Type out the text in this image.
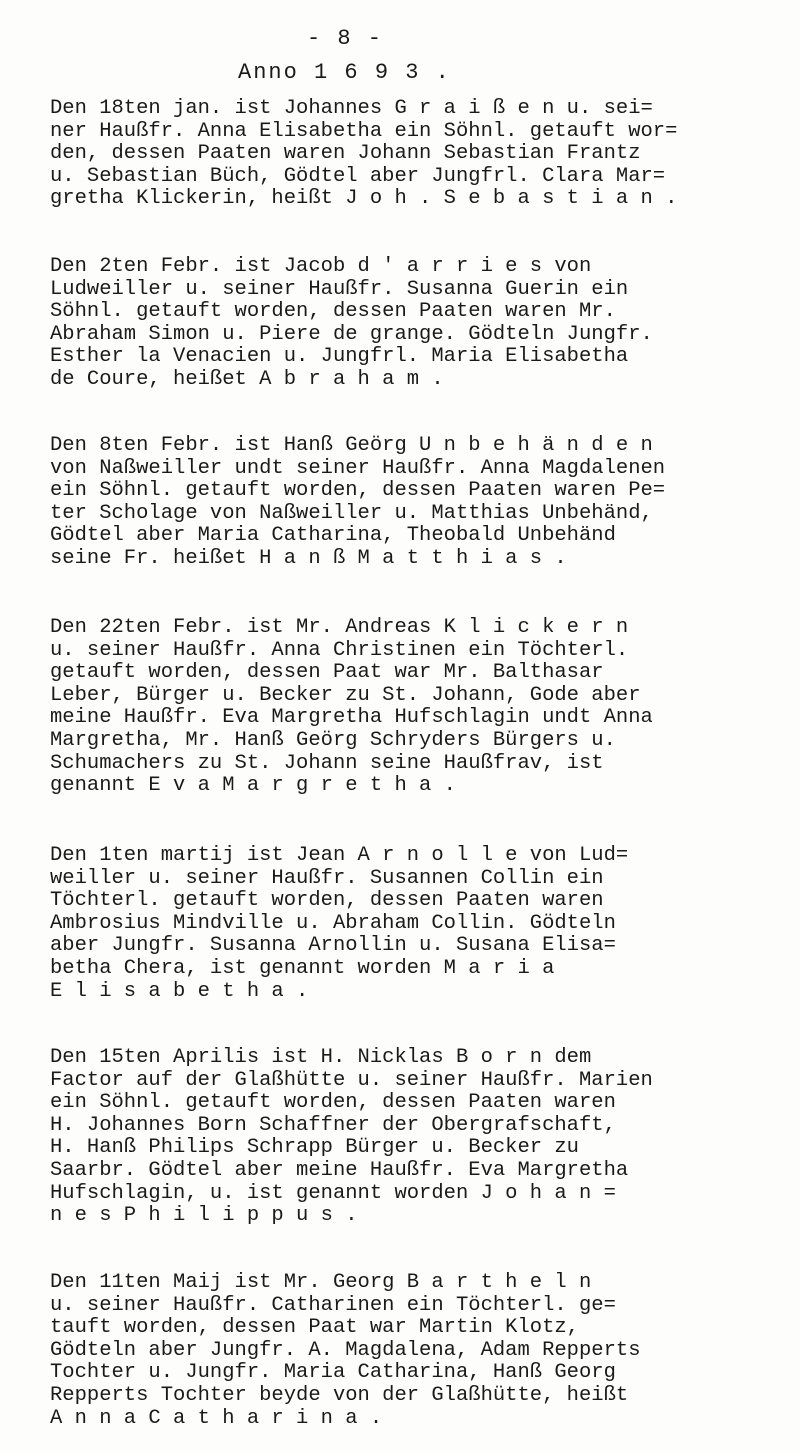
- 8 -
Anno 1 6 9 3 .
Den 18ten jan. ist Johannes G r a i ß e n u. sei=
ner Haußfr. Anna Elisabetha ein Söhnl. getauft wor=
den, dessen Paaten waren Johann Sebastian Frantz
u. Sebastian Büch, Gödtel aber Jungfrl. Clara Mar=
gretha Klickerin, heißt J o h . S e b a s t i a n .
Den 2ten Febr. ist Jacob d ' a r r i e s von
Ludweiller u. seiner Haußfr. Susanna Guerin ein
Söhnl. getauft worden, dessen Paaten waren Mr.
Abraham Simon u. Piere de grange. Gödteln Jungfr.
Esther la Venacien u. Jungfrl. Maria Elisabetha
de Coure, heißet A b r a h a m .
Den 8ten Febr. ist Hanß Geörg U n b e h ä n d e n
von Naßweiller undt seiner Haußfr. Anna Magdalenen
ein Söhnl. getauft worden, dessen Paaten waren Pe=
ter Scholage von Naßweiller u. Matthias Unbehänd,
Gödtel aber Maria Catharina, Theobald Unbehänd
seine Fr. heißet H a n ß M a t t h i a s .
Den 22ten Febr. ist Mr. Andreas K l i c k e r n
u. seiner Haußfr. Anna Christinen ein Töchterl.
getauft worden, dessen Paat war Mr. Balthasar
Leber, Bürger u. Becker zu St. Johann, Gode aber
meine Haußfr. Eva Margretha Hufschlagin undt Anna
Margretha, Mr. Hanß Geörg Schryders Bürgers u.
Schumachers zu St. Johann seine Haußfrav, ist
genannt E v a M a r g r e t h a .
Den 1ten martij ist Jean A r n o l l e von Lud=
weiller u. seiner Haußfr. Susannen Collin ein
Töchterl. getauft worden, dessen Paaten waren
Ambrosius Mindville u. Abraham Collin. Gödteln
aber Jungfr. Susanna Arnollin u. Susana Elisa=
betha Chera, ist genannt worden M a r i a
E l i s a b e t h a .
Den 15ten Aprilis ist H. Nicklas B o r n dem
Factor auf der Glaßhütte u. seiner Haußfr. Marien
ein Söhnl. getauft worden, dessen Paaten waren
H. Johannes Born Schaffner der Obergrafschaft,
H. Hanß Philips Schrapp Bürger u. Becker zu
Saarbr. Gödtel aber meine Haußfr. Eva Margretha
Hufschlagin, u. ist genannt worden J o h a n =
n e s P h i l i p p u s .
Den 11ten Maij ist Mr. Georg B a r t h e l n
u. seiner Haußfr. Catharinen ein Töchterl. ge=
tauft worden, dessen Paat war Martin Klotz,
Gödteln aber Jungfr. A. Magdalena, Adam Repperts
Tochter u. Jungfr. Maria Catharina, Hanß Georg
Repperts Tochter beyde von der Glaßhütte, heißt
A n n a C a t h a r i n a .
